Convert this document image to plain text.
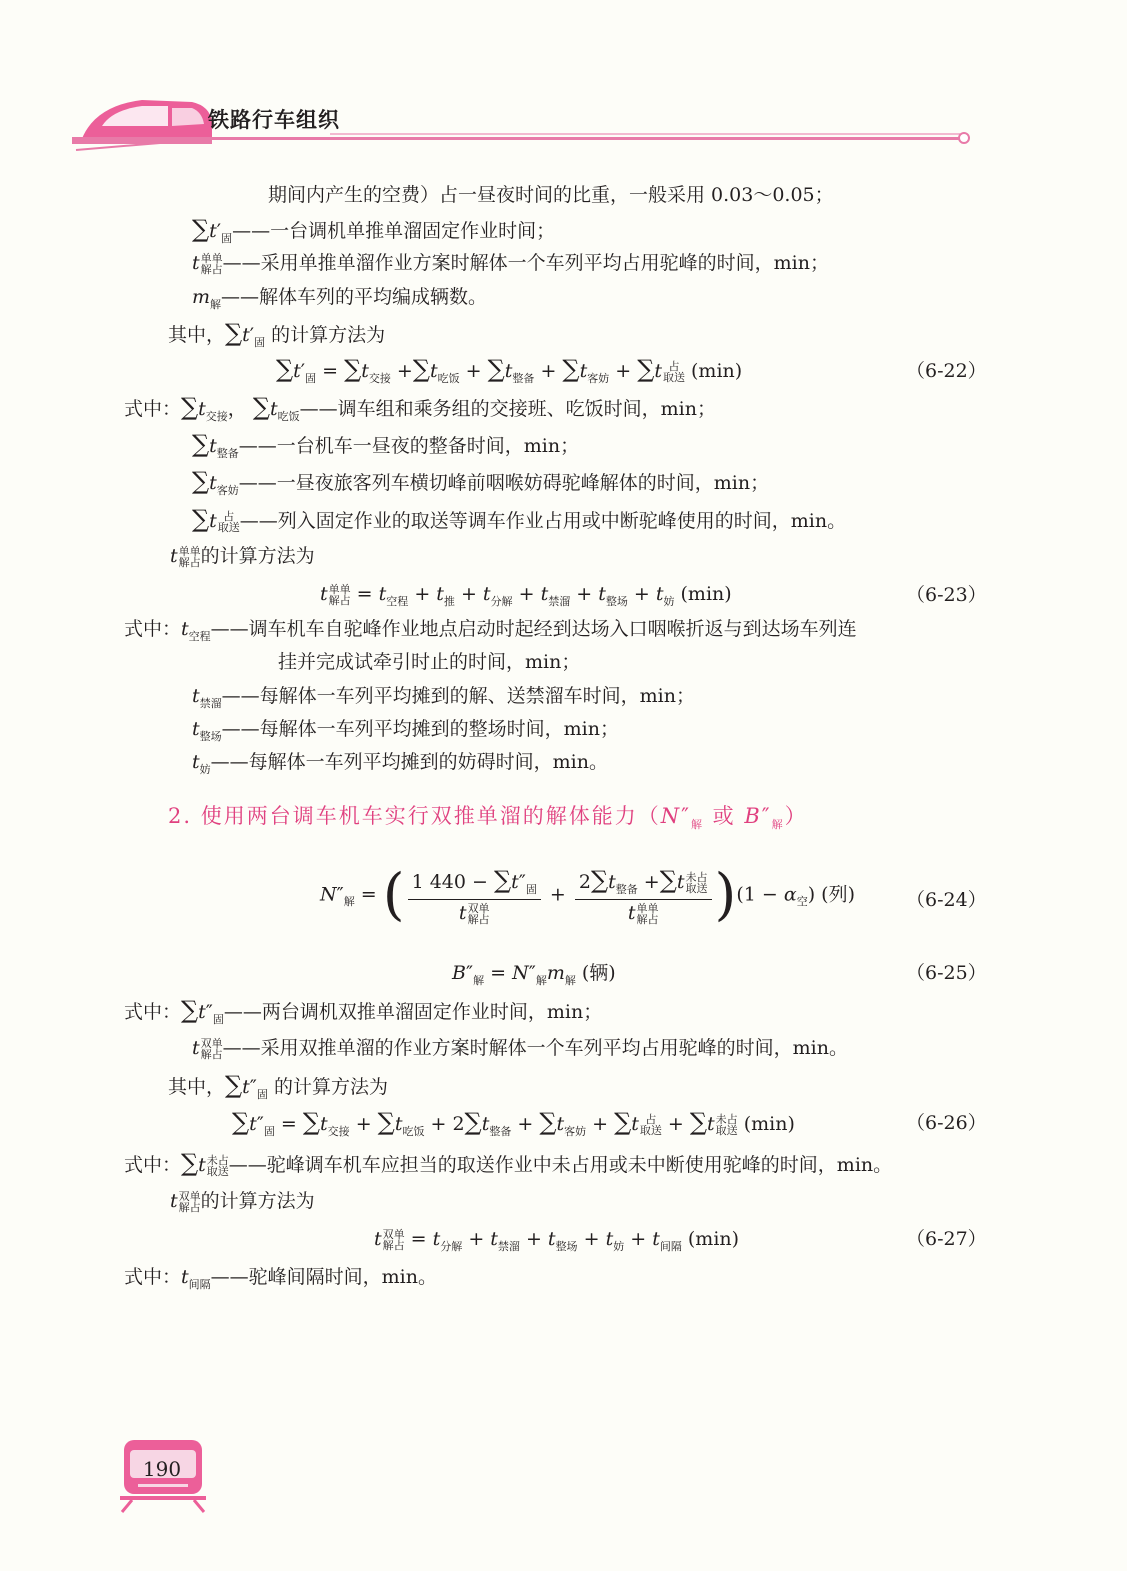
铁路行车组织
期间内产生的空费）占一昼夜时间的比重，一般采用 0.03～0.05；
$\sum t'_固——$一台调机单推单溜固定作业时间；
t单单
解占——采用单推单溜作业方案时解体一个车列平均占用驼峰的时间，min；
$m_解——$解体车列的平均编成辆数。
其中，$\sum t'_固$ 的计算方法为
$\sum t'_固 = \sum t_{交接} +\sum t_{吃饭} + \sum t_{整备} + \sum t_{客妨} + \sum t$ 占
取送 (min)	（6-22）
式中：$\sum t_{交接}$， $\sum t_{吃饭}——$调车组和乘务组的交接班、吃饭时间，min；
$\sum t_{整备}——$一台机车一昼夜的整备时间，min；
$\sum t_{客妨}——$一昼夜旅客列车横切峰前咽喉妨碍驼峰解体的时间，min；
∑t 占
取送——列入固定作业的取送等调车作业占用或中断驼峰使用的时间，min。
t单单
解占的计算方法为
t单单
解占 = $t_{空程} + t_推 + t_{分解} + t_{禁溜} + t_{整场} + t_妨$ (min)	（6-23）
式中：$t_{空程}——$调车机车自驼峰作业地点启动时起经到达场入口咽喉折返与到达场车列连
挂并完成试牵引时止的时间，min；
$t_{禁溜}——$每解体一车列平均摊到的解、送禁溜车时间，min；
$t_{整场}——$每解体一车列平均摊到的整场时间，min；
$t_妨——$每解体一车列平均摊到的妨碍时间，min。
2. 使用两台调车机车实行双推单溜的解体能力（$N''_解$ 或 $B''_解$）
$N''_解$ = ( 1 $440 - \sum t''_固$
t双单
解占
+
$2\sum t_{整备} +\sum t$未占
取送
t单单
解占	)$(1 - \alpha_空)$ (列)	（6-24）
$B''_解 = N''_解m_解$ (辆)	（6-25）
式中：$\sum t''_固——$两台调机双推单溜固定作业时间，min；
t双单
解占——采用双推单溜的作业方案时解体一个车列平均占用驼峰的时间，min。
其中，$\sum t''_固$ 的计算方法为
$\sum t''_固 = \sum t_{交接} + \sum t_{吃饭} + 2\sum t_{整备} + \sum t_{客妨} + \sum t$ 占
取送 + ∑t未占
取送 (min)	（6-26）
式中：∑t未占
取送——驼峰调车机车应担当的取送作业中未占用或未中断使用驼峰的时间，min。
t双单
解占的计算方法为
t双单
解占 = $t_{分解} + t_{禁溜} + t_{整场} + t_妨 + t_{间隔}$ (min)	（6-27）
式中：$t_{间隔}——$驼峰间隔时间，min。
190
